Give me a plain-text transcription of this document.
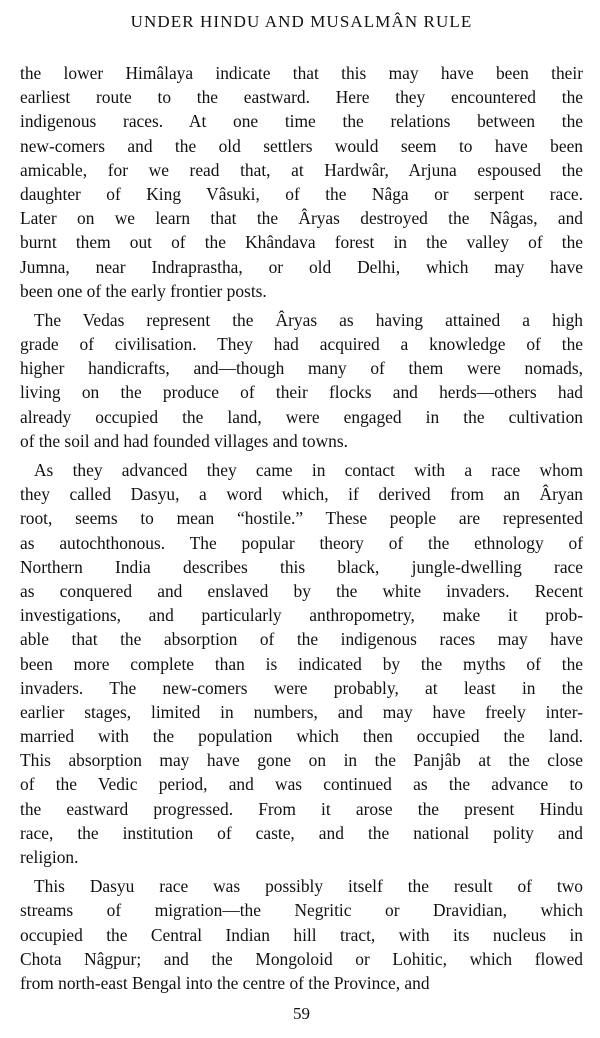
UNDER HINDU AND MUSALMÂN RULE
the lower Himâlaya indicate that this may have been their
earliest route to the eastward. Here they encountered the
indigenous races. At one time the relations between the
new-comers and the old settlers would seem to have been
amicable, for we read that, at Hardwâr, Arjuna espoused the
daughter of King Vâsuki, of the Nâga or serpent race.
Later on we learn that the Âryas destroyed the Nâgas, and
burnt them out of the Khândava forest in the valley of the
Jumna, near Indraprastha, or old Delhi, which may have
been one of the early frontier posts.
The Vedas represent the Âryas as having attained a high
grade of civilisation. They had acquired a knowledge of the
higher handicrafts, and—though many of them were nomads,
living on the produce of their flocks and herds—others had
already occupied the land, were engaged in the cultivation
of the soil and had founded villages and towns.
As they advanced they came in contact with a race whom
they called Dasyu, a word which, if derived from an Âryan
root, seems to mean “hostile.” These people are represented
as autochthonous. The popular theory of the ethnology of
Northern India describes this black, jungle-dwelling race
as conquered and enslaved by the white invaders. Recent
investigations, and particularly anthropometry, make it prob-
able that the absorption of the indigenous races may have
been more complete than is indicated by the myths of the
invaders. The new-comers were probably, at least in the
earlier stages, limited in numbers, and may have freely inter-
married with the population which then occupied the land.
This absorption may have gone on in the Panjâb at the close
of the Vedic period, and was continued as the advance to
the eastward progressed. From it arose the present Hindu
race, the institution of caste, and the national polity and
religion.
This Dasyu race was possibly itself the result of two
streams of migration—the Negritic or Dravidian, which
occupied the Central Indian hill tract, with its nucleus in
Chota Nâgpur; and the Mongoloid or Lohitic, which flowed
from north-east Bengal into the centre of the Province, and
59
